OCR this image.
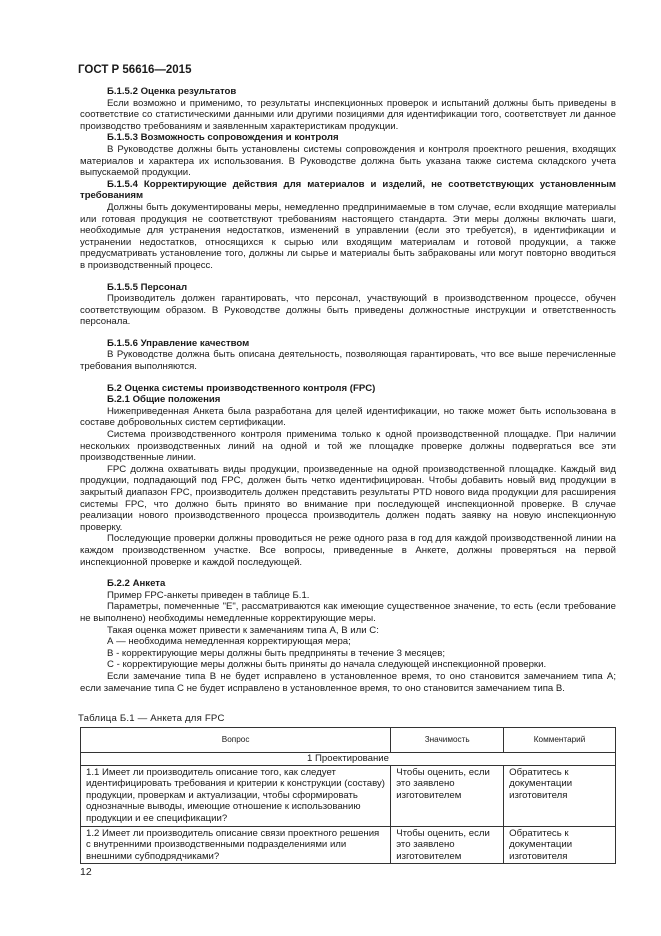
ГОСТ Р 56616—2015

Б.1.5.2 Оценка результатов

Если возможно и применимо, то результаты инспекционных проверок и испытаний должны быть приведены в соответствие со статистическими данными или другими позициями для идентификации того, соответствует ли данное производство требованиям и заявленным характеристикам продукции.

Б.1.5.3 Возможность сопровождения и контроля

В Руководстве должны быть установлены системы сопровождения и контроля проектного решения, входящих материалов и характера их использования. В Руководстве должна быть указана также система складского учета выпускаемой продукции.

Б.1.5.4 Корректирующие действия для материалов и изделий, не соответствующих установленным требованиям

Должны быть документированы меры, немедленно предпринимаемые в том случае, если входящие материалы или готовая продукция не соответствуют требованиям настоящего стандарта. Эти меры должны включать шаги, необходимые для устранения недостатков, изменений в управлении (если это требуется), в идентификации и устранении недостатков, относящихся к сырью или входящим материалам и готовой продукции, а также предусматривать установление того, должны ли сырье и материалы быть забракованы или могут повторно вводиться в производственный процесс.

Б.1.5.5 Персонал

Производитель должен гарантировать, что персонал, участвующий в производственном процессе, обучен соответствующим образом. В Руководстве должны быть приведены должностные инструкции и ответственность персонала.

Б.1.5.6 Управление качеством

В Руководстве должна быть описана деятельность, позволяющая гарантировать, что все выше перечисленные требования выполняются.

Б.2 Оценка системы производственного контроля (FPC)

Б.2.1 Общие положения

Нижеприведенная Анкета была разработана для целей идентификации, но также может быть использована в составе добровольных систем сертификации.

Система производственного контроля применима только к одной производственной площадке. При наличии нескольких производственных линий на одной и той же площадке проверке должны подвергаться все эти производственные линии.

FPC должна охватывать виды продукции, произведенные на одной производственной площадке. Каждый вид продукции, подпадающий под FPC, должен быть четко идентифицирован. Чтобы добавить новый вид продукции в закрытый диапазон FPC, производитель должен представить результаты PTD нового вида продукции для расширения системы FPC, что должно быть принято во внимание при последующей инспекционной проверке. В случае реализации нового производственного процесса производитель должен подать заявку на новую инспекционную проверку.

Последующие проверки должны проводиться не реже одного раза в год для каждой производственной линии на каждом производственном участке. Все вопросы, приведенные в Анкете, должны проверяться на первой инспекционной проверке и каждой последующей.

Б.2.2 Анкета

Пример FPC-анкеты приведен в таблице Б.1.

Параметры, помеченные "E", рассматриваются как имеющие существенное значение, то есть (если требование не выполнено) необходимы немедленные корректирующие меры.

Такая оценка может привести к замечаниям типа А, В или С:

А — необходима немедленная корректирующая мера;

В - корректирующие меры должны быть предприняты в течение 3 месяцев;

С - корректирующие меры должны быть приняты до начала следующей инспекционной проверки.

Если замечание типа В не будет исправлено в установленное время, то оно становится замечанием типа А; если замечание типа С не будет исправлено в установленное время, то оно становится замечанием типа В.

Таблица Б.1 — Анкета для FPC
Вопрос	Значимость	Комментарий
1 Проектирование		
1.1 Имеет ли производитель описание того, как следует идентифицировать требования и критерии к конструкции (составу) продукции, проверкам и актуализации, чтобы сформировать однозначные выводы, имеющие отношение к использованию продукции и ее спецификации?	Чтобы оценить, если это заявлено изготовителем	Обратитесь к документации изготовителя
1.2 Имеет ли производитель описание связи проектного решения с внутренними производственными подразделениями или внешними субподрядчиками?	Чтобы оценить, если это заявлено изготовителем	Обратитесь к документации изготовителя
12
